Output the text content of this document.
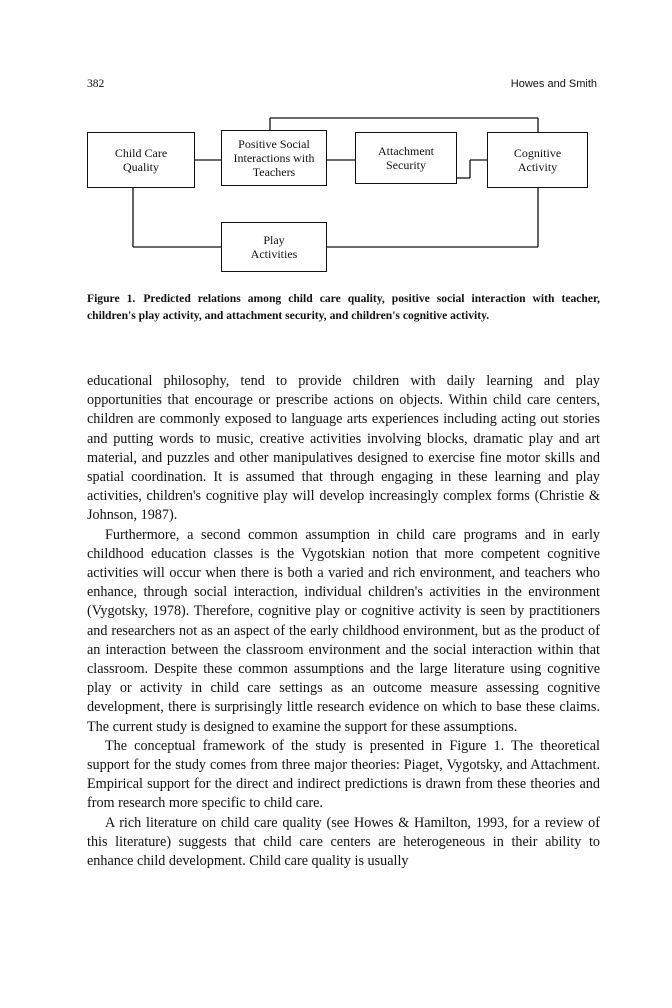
382	Howes and Smith
Child Care Quality
Positive Social Interactions with Teachers
Attachment Security
Cognitive Activity
Play Activities
Figure 1. Predicted relations among child care quality, positive social interaction with teacher, children's play activity, and attachment security, and children's cognitive activity.

educational philosophy, tend to provide children with daily learning and play opportunities that encourage or prescribe actions on objects. Within child care centers, children are commonly exposed to language arts experiences including acting out stories and putting words to music, creative activities involving blocks, dramatic play and art material, and puzzles and other manipulatives designed to exercise fine motor skills and spatial coordination. It is assumed that through engaging in these learning and play activities, children's cognitive play will develop increasingly complex forms (Christie & Johnson, 1987).

Furthermore, a second common assumption in child care programs and in early childhood education classes is the Vygotskian notion that more competent cognitive activities will occur when there is both a varied and rich environment, and teachers who enhance, through social interaction, individual children's activities in the environment (Vygotsky, 1978). Therefore, cognitive play or cognitive activity is seen by practitioners and researchers not as an aspect of the early childhood environment, but as the product of an interaction between the classroom environment and the social interaction within that classroom. Despite these common assumptions and the large literature using cognitive play or activity in child care settings as an outcome measure assessing cognitive development, there is surprisingly little research evidence on which to base these claims. The current study is designed to examine the support for these assumptions.

The conceptual framework of the study is presented in Figure 1. The theoretical support for the study comes from three major theories: Piaget, Vygotsky, and Attachment. Empirical support for the direct and indirect predictions is drawn from these theories and from research more specific to child care.

A rich literature on child care quality (see Howes & Hamilton, 1993, for a review of this literature) suggests that child care centers are heterogeneous in their ability to enhance child development. Child care quality is usually
